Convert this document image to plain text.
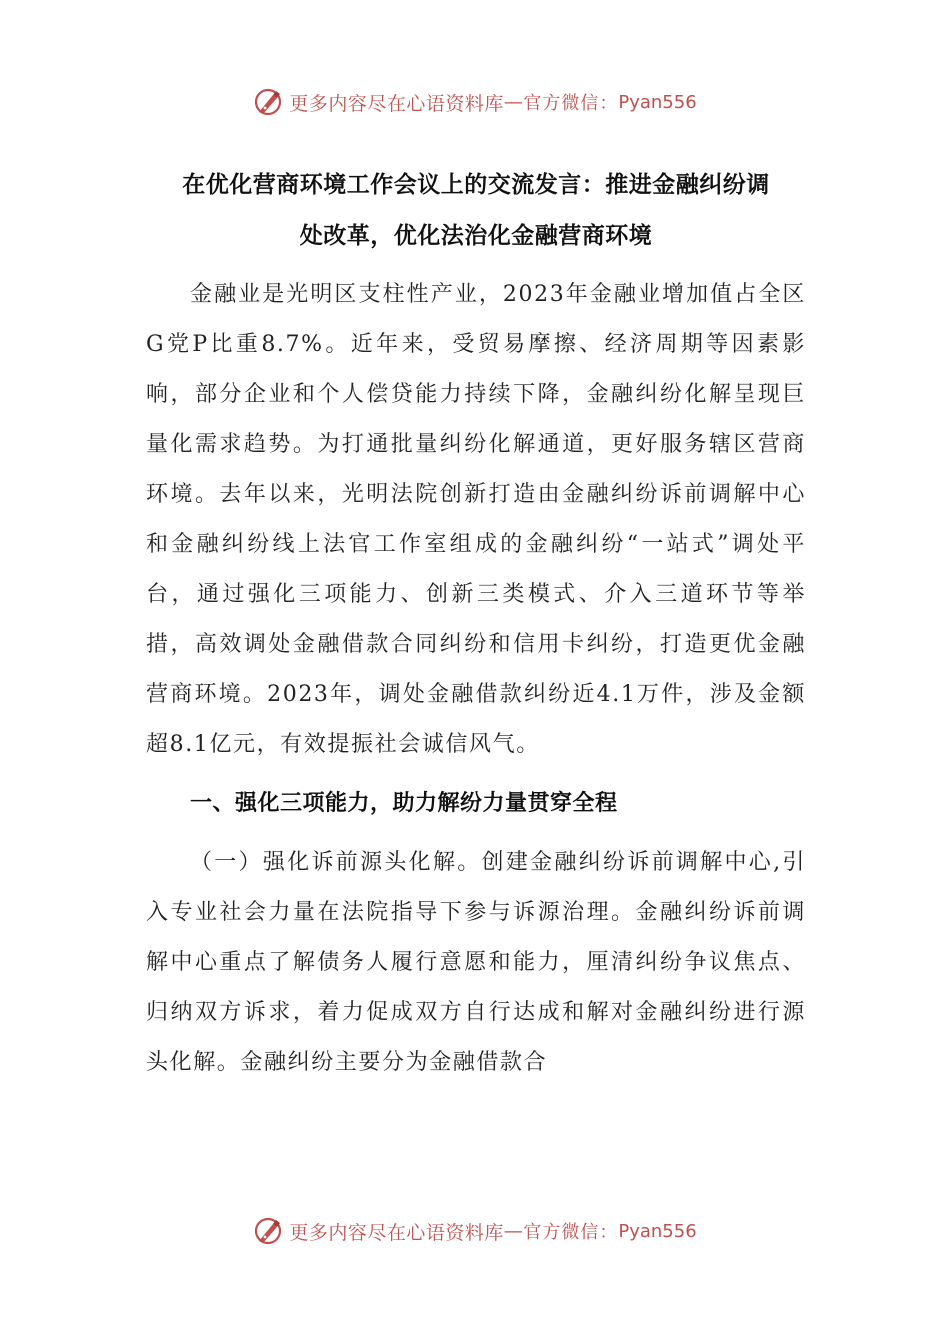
更多内容尽在心语资料库 — 官方微信： Pyan556
在优化营商环境工作会议上的交流发言：推进金融纠纷调
处改革，优化法治化金融营商环境

金融业是光明区支柱性产业，2023年金融业增加值占全区G党P比重8.7%。近年来，受贸易摩擦、经济周期等因素影响，部分企业和个人偿贷能力持续下降，金融纠纷化解呈现巨量化需求趋势。为打通批量纠纷化解通道，更好服务辖区营商环境。去年以来，光明法院创新打造由金融纠纷诉前调解中心和金融纠纷线上法官工作室组成的金融纠纷“一站式”调处平台，通过强化三项能力、创新三类模式、介入三道环节等举措，高效调处金融借款合同纠纷和信用卡纠纷，打造更优金融营商环境。2023年，调处金融借款纠纷近4.1万件，涉及金额超8.1亿元，有效提振社会诚信风气。

一、强化三项能力，助力解纷力量贯穿全程

（一）强化诉前源头化解。创建金融纠纷诉前调解中心,引入专业社会力量在法院指导下参与诉源治理。金融纠纷诉前调解中心重点了解债务人履行意愿和能力，厘清纠纷争议焦点、归纳双方诉求，着力促成双方自行达成和解对金融纠纷进行源头化解。金融纠纷主要分为金融借款合

更多内容尽在心语资料库 — 官方微信： Pyan556
